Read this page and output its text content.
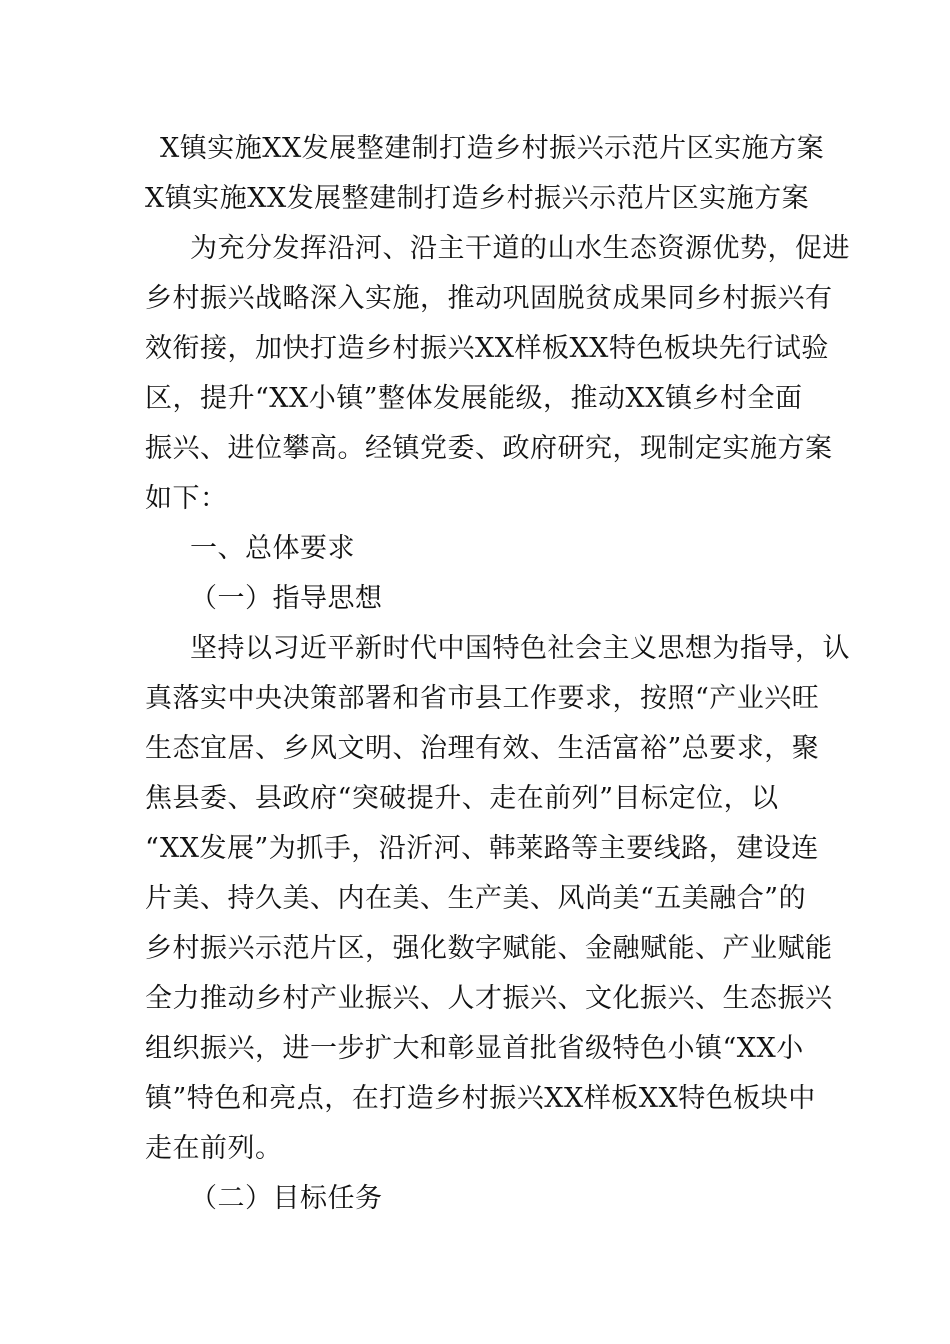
X镇实施XX发展整建制打造乡村振兴示范片区实施方案
X镇实施XX发展整建制打造乡村振兴示范片区实施方案
为充分发挥沿河、沿主干道的山水生态资源优势，促进
乡村振兴战略深入实施，推动巩固脱贫成果同乡村振兴有
效衔接，加快打造乡村振兴XX样板XX特色板块先行试验
区，提升“XX小镇”整体发展能级，推动XX镇乡村全面
振兴、进位攀高。经镇党委、政府研究，现制定实施方案
如下：
一、总体要求
（一）指导思想
坚持以习近平新时代中国特色社会主义思想为指导，认
真落实中央决策部署和省市县工作要求，按照“产业兴旺
生态宜居、乡风文明、治理有效、生活富裕”总要求，聚
焦县委、县政府“突破提升、走在前列”目标定位，以
“XX发展”为抓手，沿沂河、韩莱路等主要线路，建设连
片美、持久美、内在美、生产美、风尚美“五美融合”的
乡村振兴示范片区，强化数字赋能、金融赋能、产业赋能
全力推动乡村产业振兴、人才振兴、文化振兴、生态振兴
组织振兴，进一步扩大和彰显首批省级特色小镇“XX小
镇”特色和亮点，在打造乡村振兴XX样板XX特色板块中
走在前列。
（二）目标任务
